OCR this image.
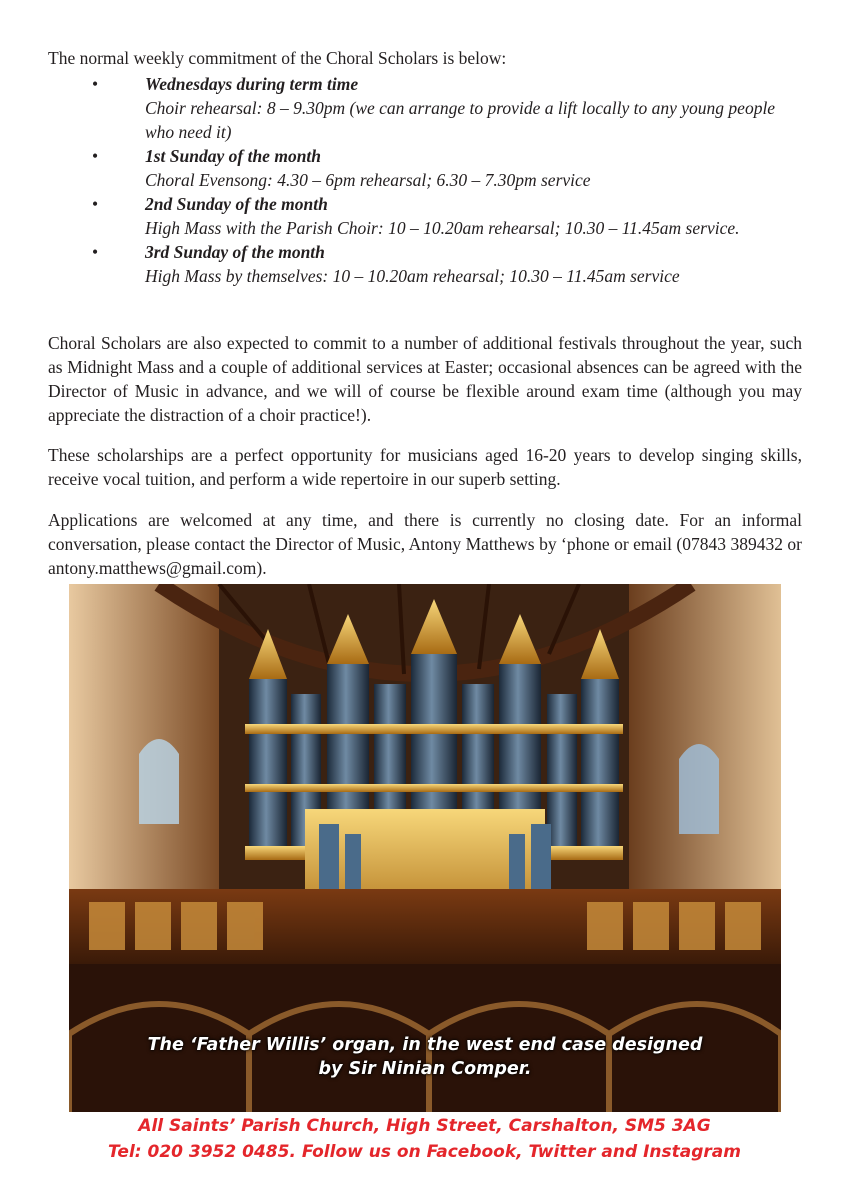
The normal weekly commitment of the Choral Scholars is below:

•	Wednesdays during term time
Choir rehearsal: 8 – 9.30pm (we can arrange to provide a lift locally to any young people who need it)
•	1st Sunday of the month
Choral Evensong: 4.30 – 6pm rehearsal; 6.30 – 7.30pm service
•	2nd Sunday of the month
High Mass with the Parish Choir: 10 – 10.20am rehearsal; 10.30 – 11.45am service.
•	3rd Sunday of the month
High Mass by themselves: 10 – 10.20am rehearsal; 10.30 – 11.45am service

Choral Scholars are also expected to commit to a number of additional festivals throughout the year, such as Midnight Mass and a couple of additional services at Easter; occasional absences can be agreed with the Director of Music in advance, and we will of course be flexible around exam time (although you may appreciate the distraction of a choir practice!).

These scholarships are a perfect opportunity for musicians aged 16-20 years to develop singing skills, receive vocal tuition, and perform a wide repertoire in our superb setting.

Applications are welcomed at any time, and there is currently no closing date. For an informal conversation, please contact the Director of Music, Antony Matthews by ‘phone or email (07843 389432 or antony.matthews@gmail.com).

The ‘Father Willis’ organ, in the west end case designed
by Sir Ninian Comper.
All Saints’ Parish Church, High Street, Carshalton, SM5 3AG
Tel: 020 3952 0485. Follow us on Facebook, Twitter and Instagram
